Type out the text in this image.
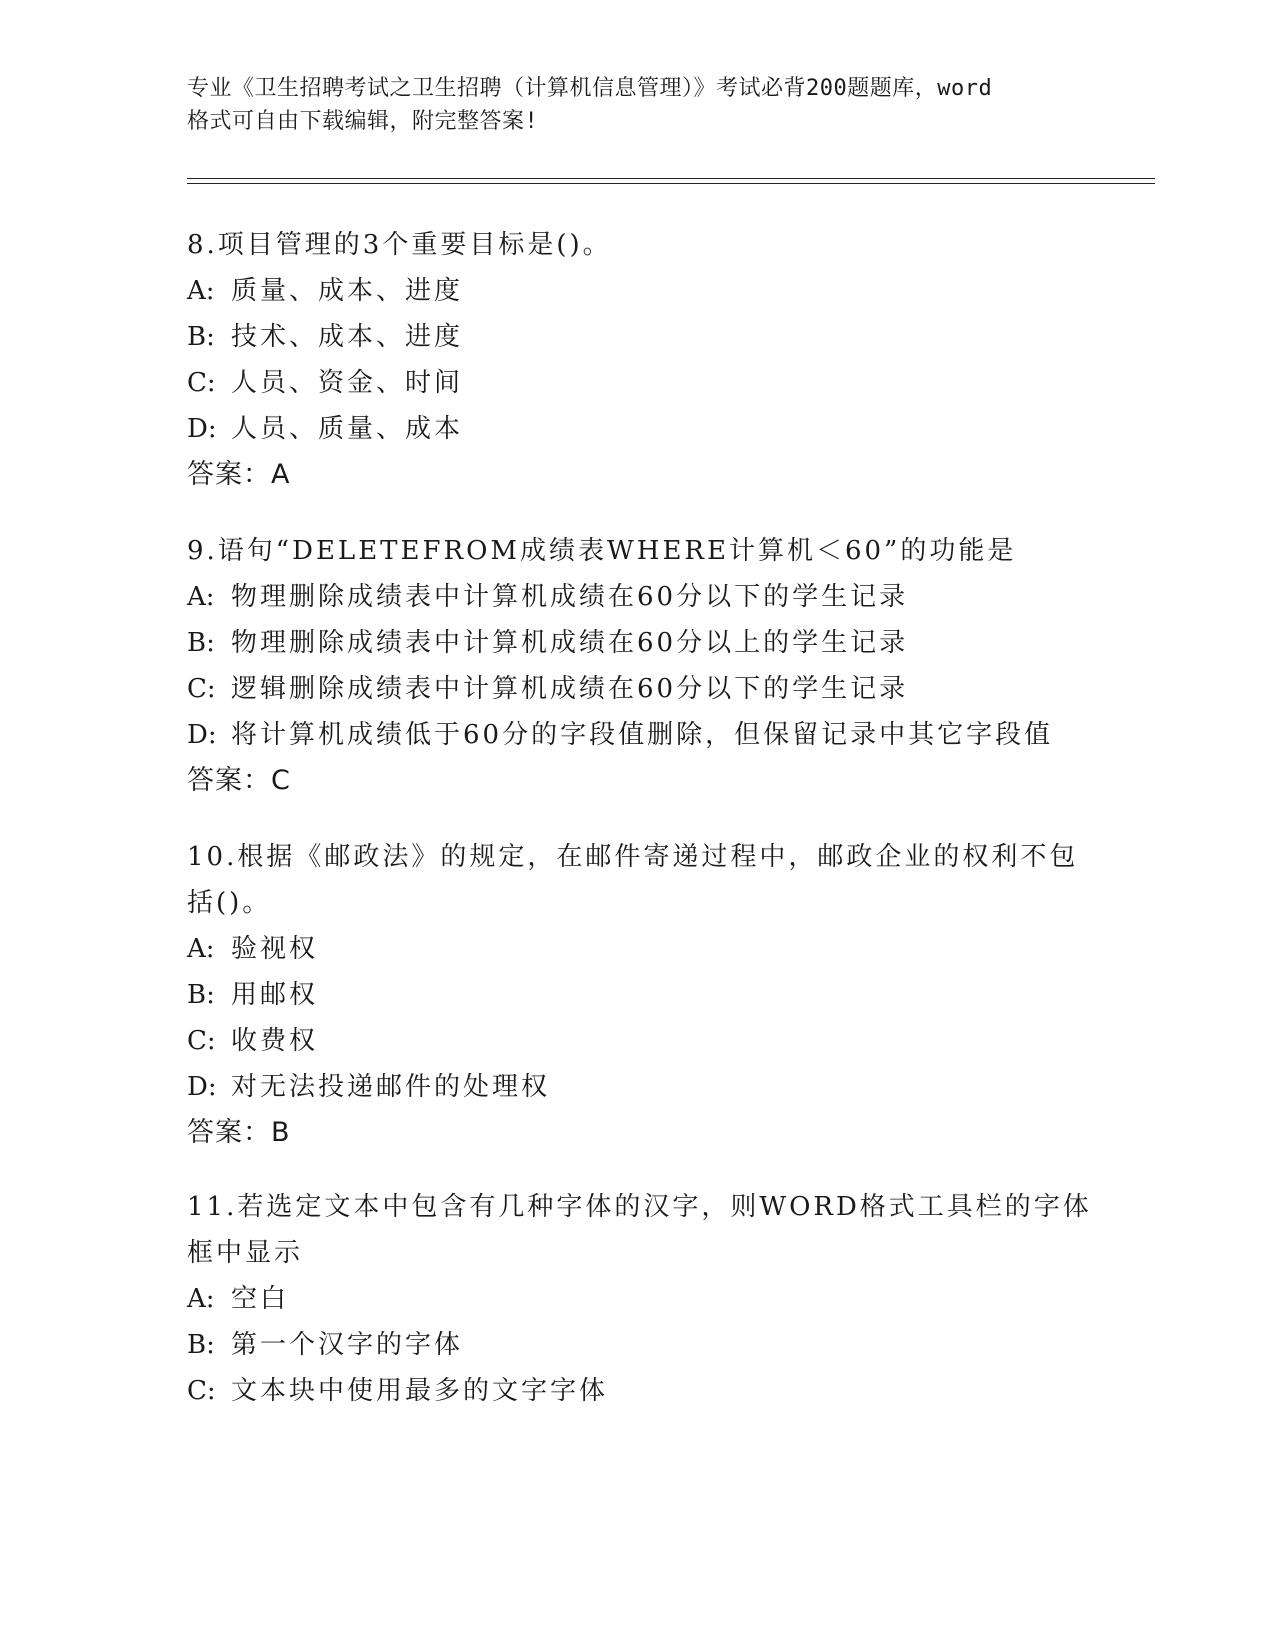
专业《卫生招聘考试之卫生招聘（计算机信息管理）》考试必背200题题库，word
格式可自由下载编辑，附完整答案!
8.项目管理的3个重要目标是()。
A: 质量、成本、进度
B: 技术、成本、进度
C: 人员、资金、时间
D: 人员、质量、成本
答案：A
9.语句“DELETEFROM成绩表WHERE计算机＜60”的功能是
A: 物理删除成绩表中计算机成绩在60分以下的学生记录
B: 物理删除成绩表中计算机成绩在60分以上的学生记录
C: 逻辑删除成绩表中计算机成绩在60分以下的学生记录
D: 将计算机成绩低于60分的字段值删除，但保留记录中其它字段值
答案：C
10.根据《邮政法》的规定，在邮件寄递过程中，邮政企业的权利不包
括()。
A: 验视权
B: 用邮权
C: 收费权
D: 对无法投递邮件的处理权
答案：B
11.若选定文本中包含有几种字体的汉字，则WORD格式工具栏的字体
框中显示
A: 空白
B: 第一个汉字的字体
C: 文本块中使用最多的文字字体
